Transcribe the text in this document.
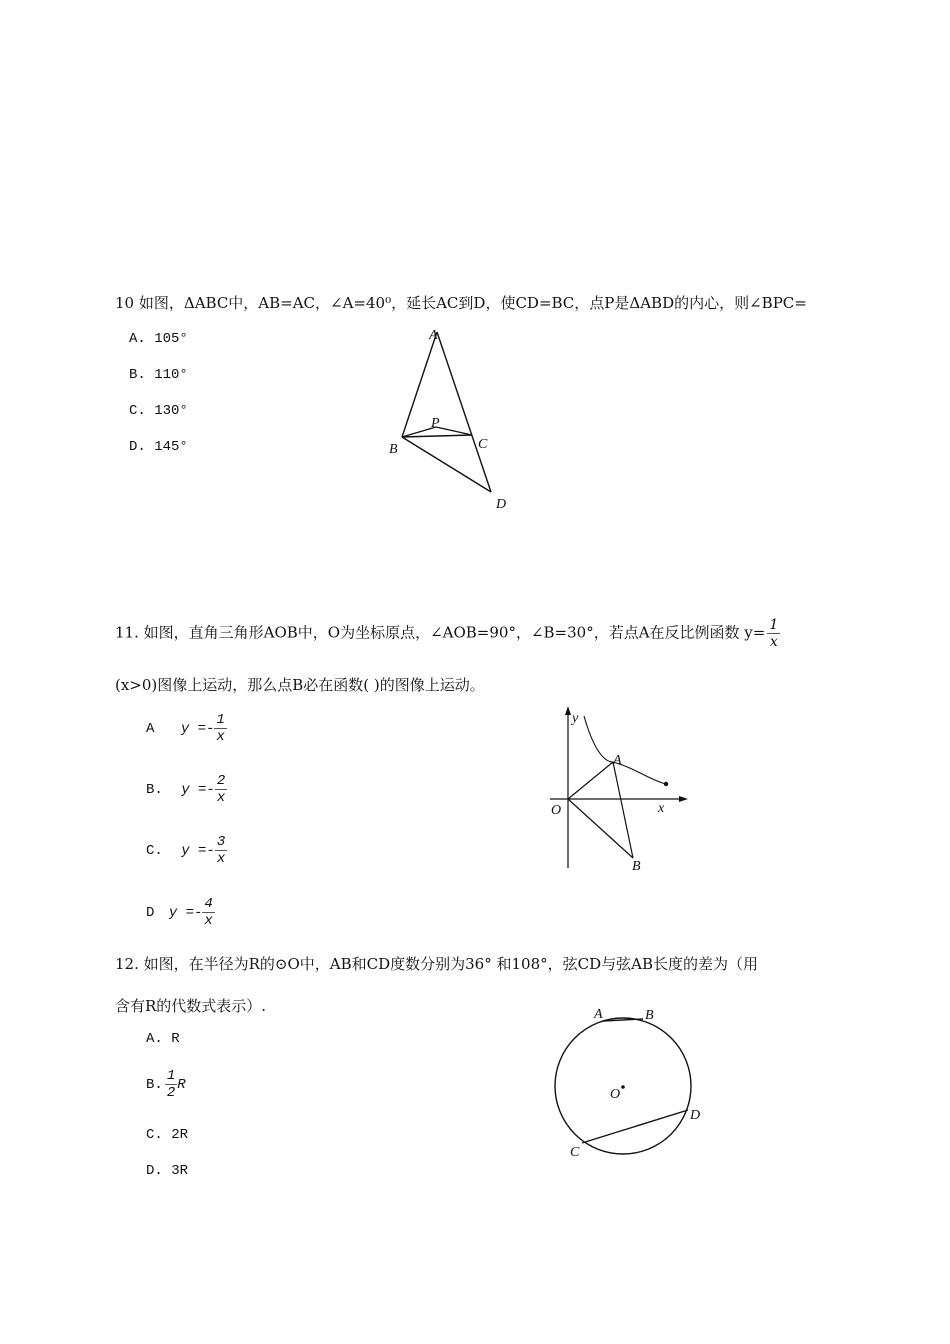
10 如图，ΔABC中，AB=AC，∠A=40⁰，延长AC到D，使CD=BC，点P是ΔABD的内心，则∠BPC=
A. 105°
B. 110°
C. 130°
D. 145°
A
P
B	C
D
11. 如图，直角三角形AOB中，O为坐标原点，∠AOB=90°，∠B=30°，若点A在反比例函数 $y= \frac{1}{x}$
(x>0)图像上运动，那么点B必在函数( )的图像上运动。
A $y =- \frac{1}{x}$
B. $y =- \frac{2}{x}$
C. $y =- \frac{3}{x}$
D $y =- \frac{4}{x}$
y
x
O
A
B
12. 如图，在半径为R的⊙O中，AB和CD度数分别为36° 和108°，弦CD与弦AB长度的差为（用
含有R的代数式表示）.
A. R
B. $\frac{1}{2}$ R
C. 2R
D. 3R
A	B
O
D
C
